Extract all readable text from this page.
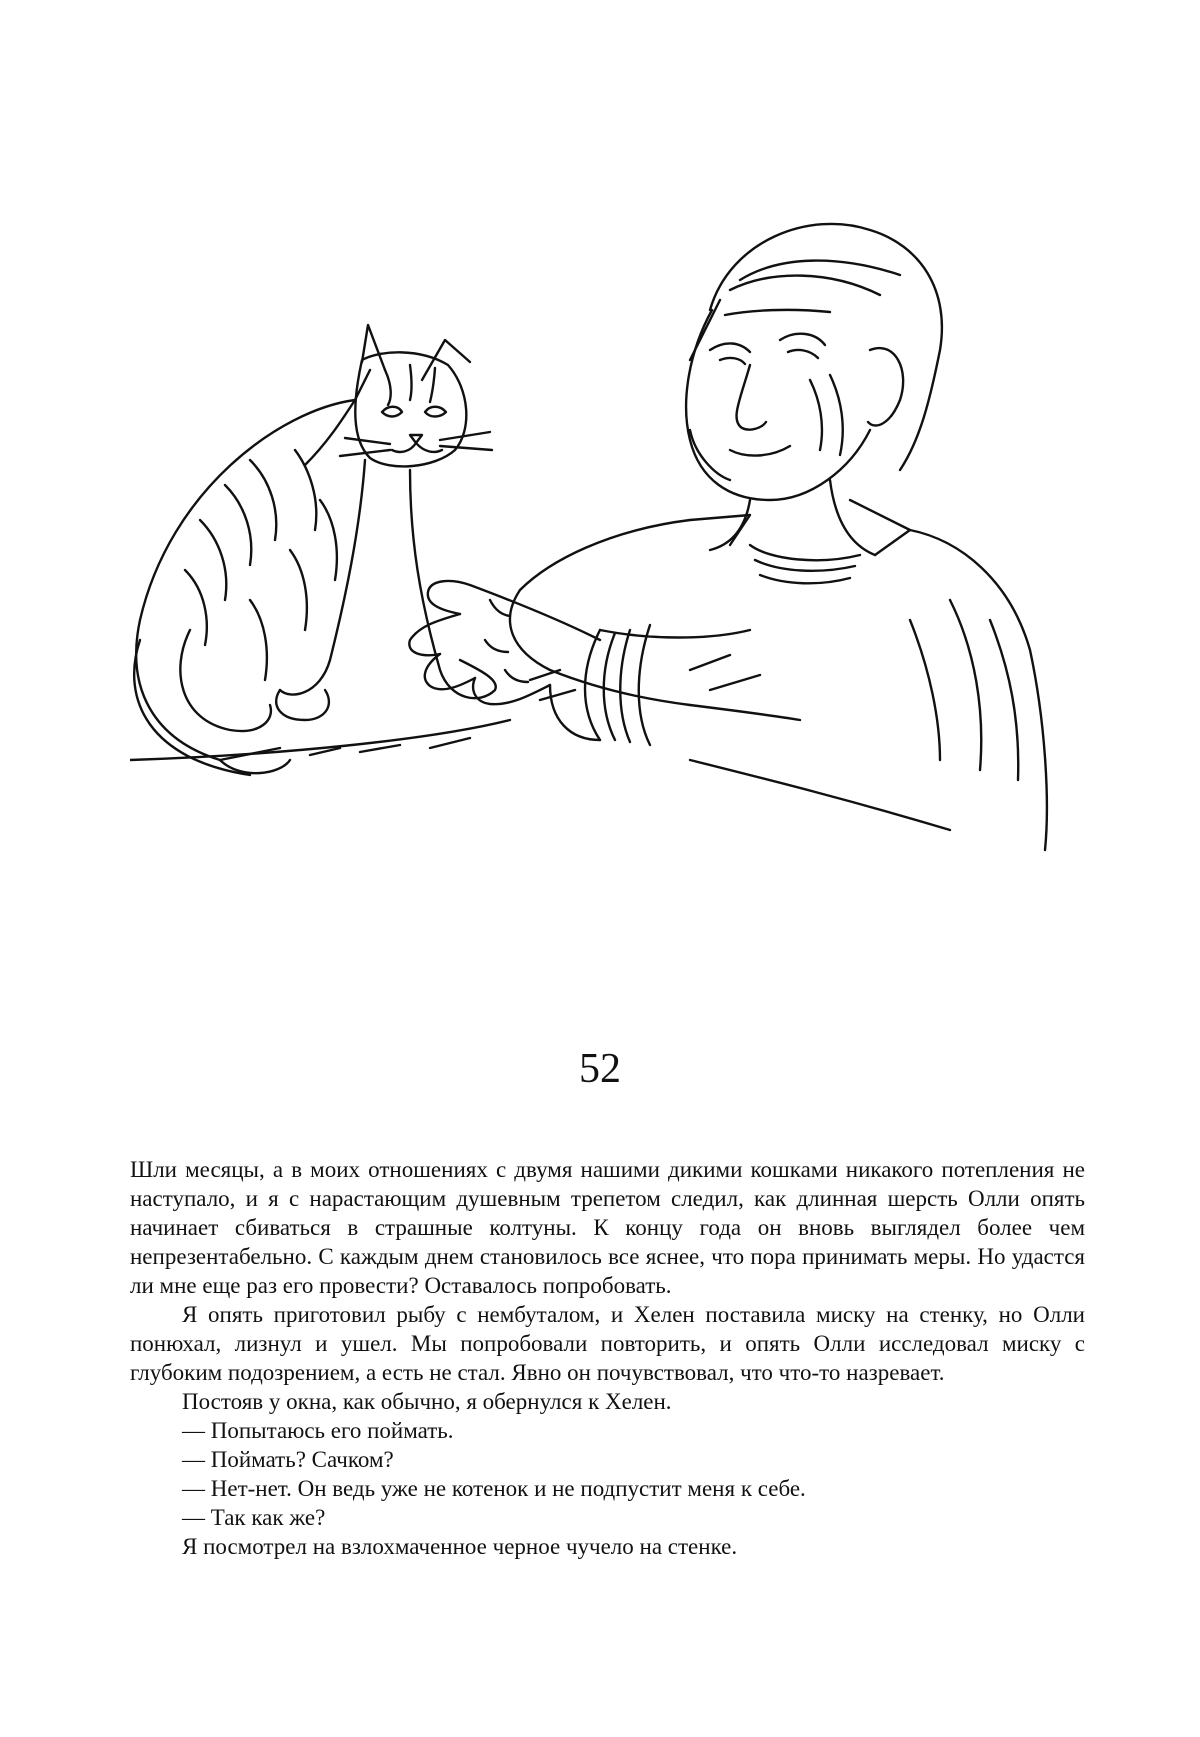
52

Шли месяцы, а в моих отношениях с двумя нашими дикими кошками никакого потепления не наступало, и я с нарастающим душевным трепетом следил, как длинная шерсть Олли опять начинает сбиваться в страшные колтуны. К концу года он вновь выглядел более чем непрезентабельно. С каждым днем становилось все яснее, что пора принимать меры. Но удастся ли мне еще раз его провести? Оставалось попробовать.

Я опять приготовил рыбу с нембуталом, и Хелен поставила миску на стенку, но Олли понюхал, лизнул и ушел. Мы попробовали повторить, и опять Олли исследовал миску с глубоким подозрением, а есть не стал. Явно он почувствовал, что что-то назревает.

Постояв у окна, как обычно, я обернулся к Хелен.

— Попытаюсь его поймать.

— Поймать? Сачком?

— Нет-нет. Он ведь уже не котенок и не подпустит меня к себе.

— Так как же?

Я посмотрел на взлохмаченное черное чучело на стенке.
